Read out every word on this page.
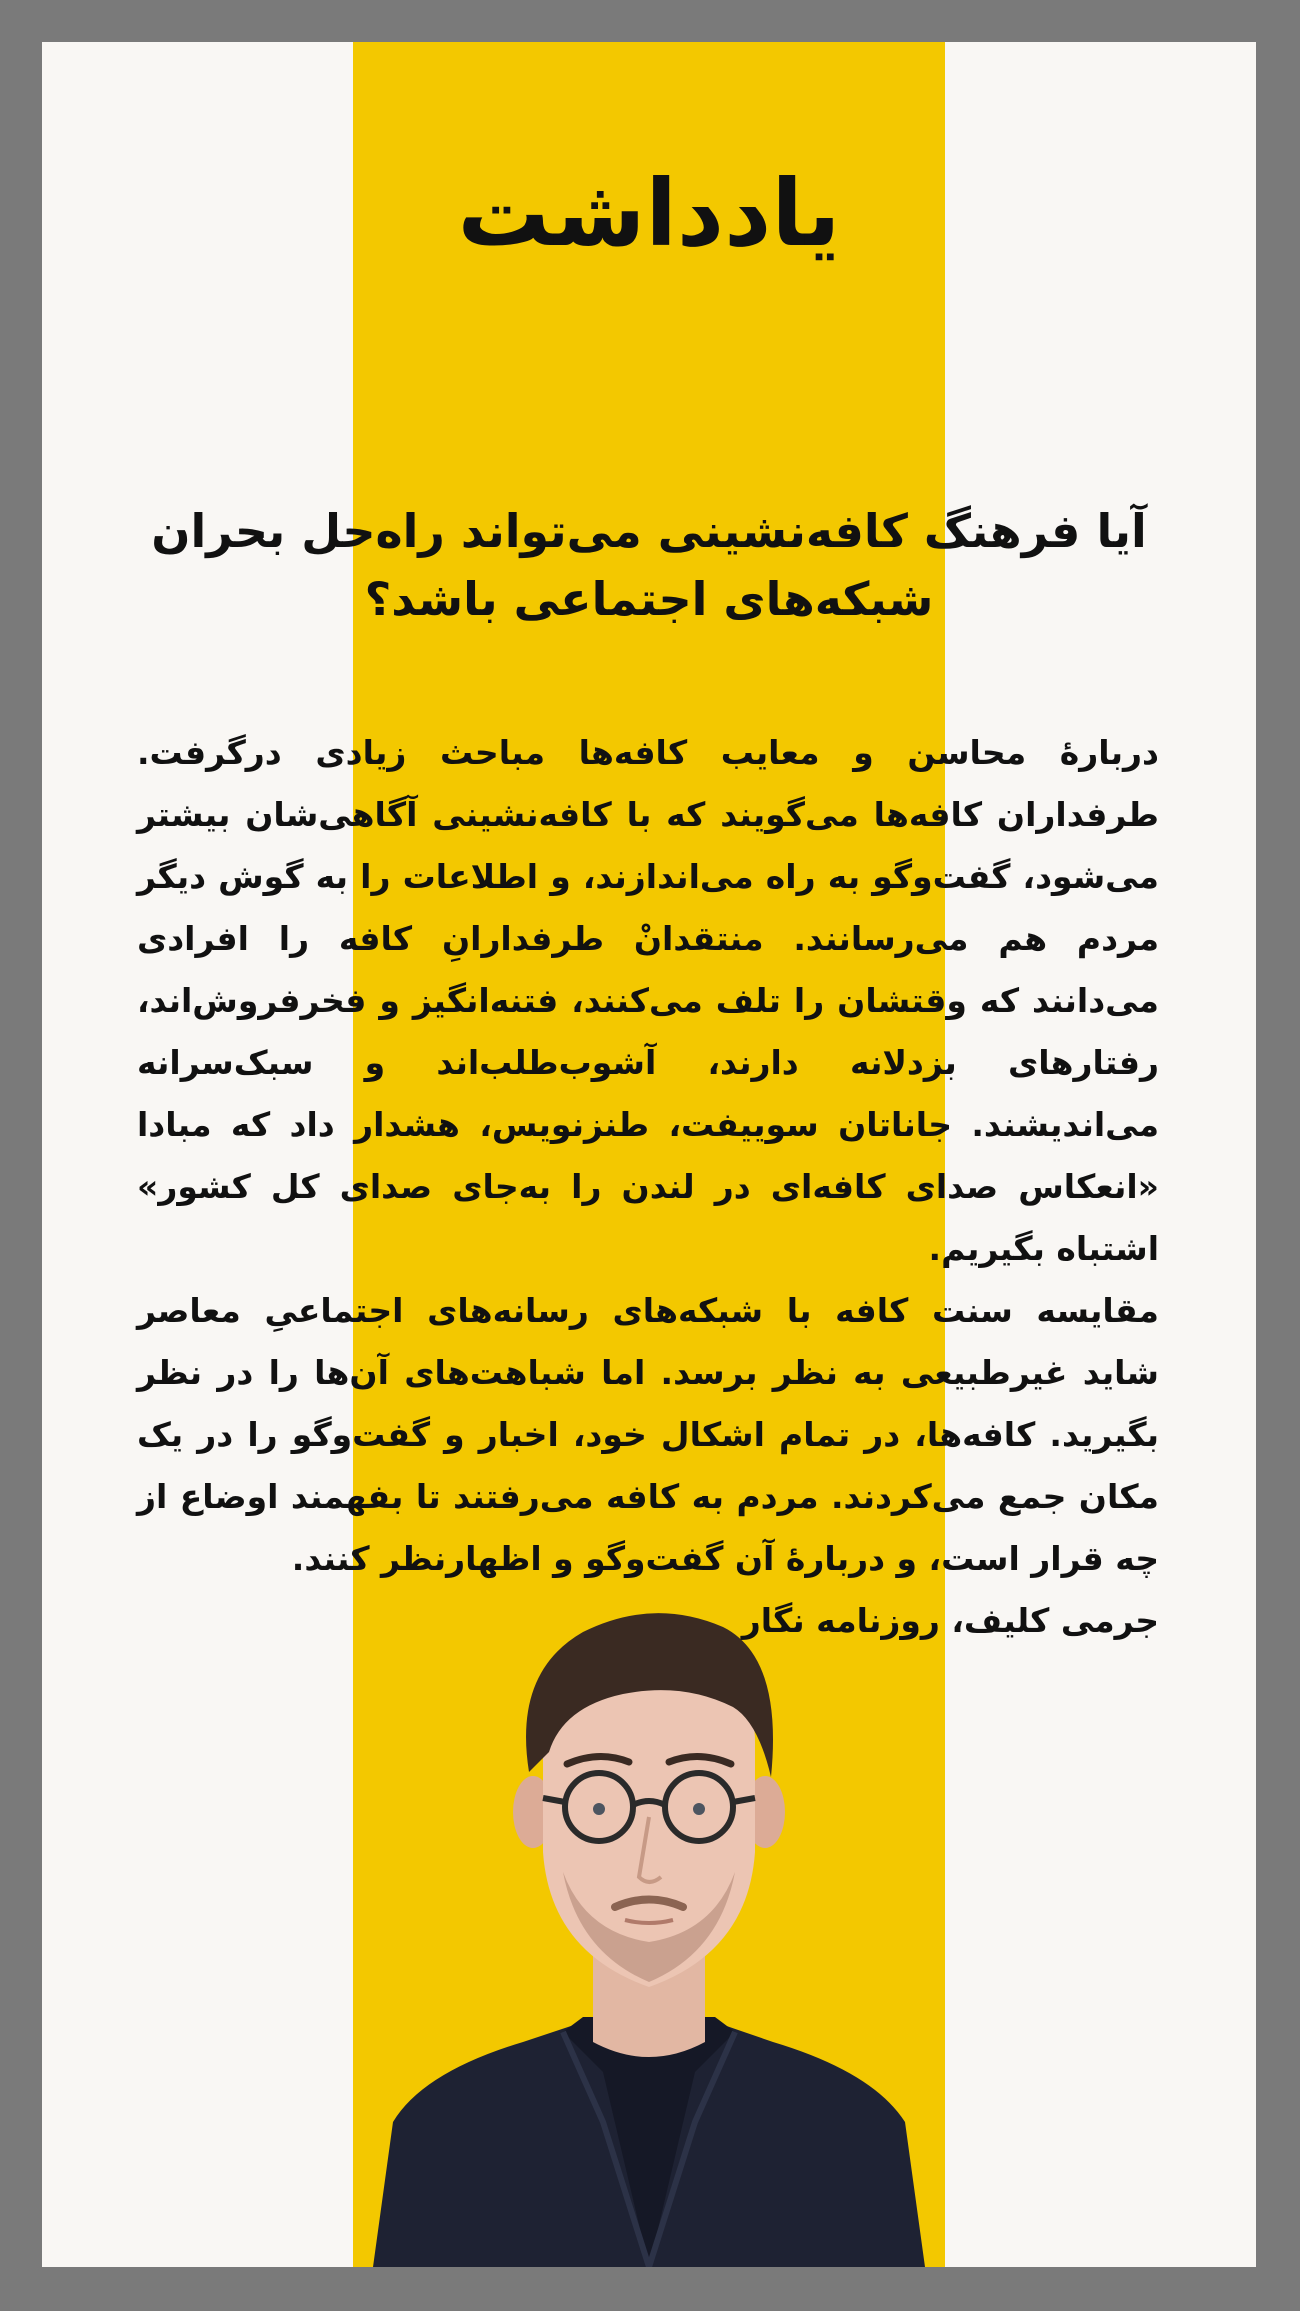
یادداشت
آیا فرهنگ کافه‌نشینی می‌تواند راه‌حل بحران شبکه‌های اجتماعی باشد؟

دربارهٔ محاسن و معایب کافه‌ها مباحث زیادی درگرفت. طرفداران کافه‌ها می‌گویند که با کافه‌نشینی آگاهی‌شان بیشتر می‌شود، گفت‌وگو به راه می‌اندازند، و اطلاعات را به گوش دیگر مردم هم می‌رسانند. منتقدانْ طرفدارانِ کافه را افرادی می‌دانند که وقتشان را تلف می‌کنند، فتنه‌انگیز و فخرفروش‌اند، رفتارهای بزدلانه دارند، آشوب‌طلب‌اند و سبک‌سرانه می‌اندیشند. جاناتان سوییفت، طنزنویس، هشدار داد که مبادا «انعکاس صدای کافه‌ای در لندن را به‌جای صدای کل کشور» اشتباه بگیریم.

مقایسه سنت کافه با شبکه‌های رسانه‌های اجتماعیِ معاصر شاید غیرطبیعی به نظر برسد. اما شباهت‌های آن‌ها را در نظر بگیرید. کافه‌ها، در تمام اشکال خود، اخبار و گفت‌وگو را در یک مکان جمع می‌کردند. مردم به کافه می‌رفتند تا بفهمند اوضاع از چه قرار است، و دربارهٔ آن گفت‌وگو و اظهارنظر کنند.

جرمی کلیف، روزنامه نگار
